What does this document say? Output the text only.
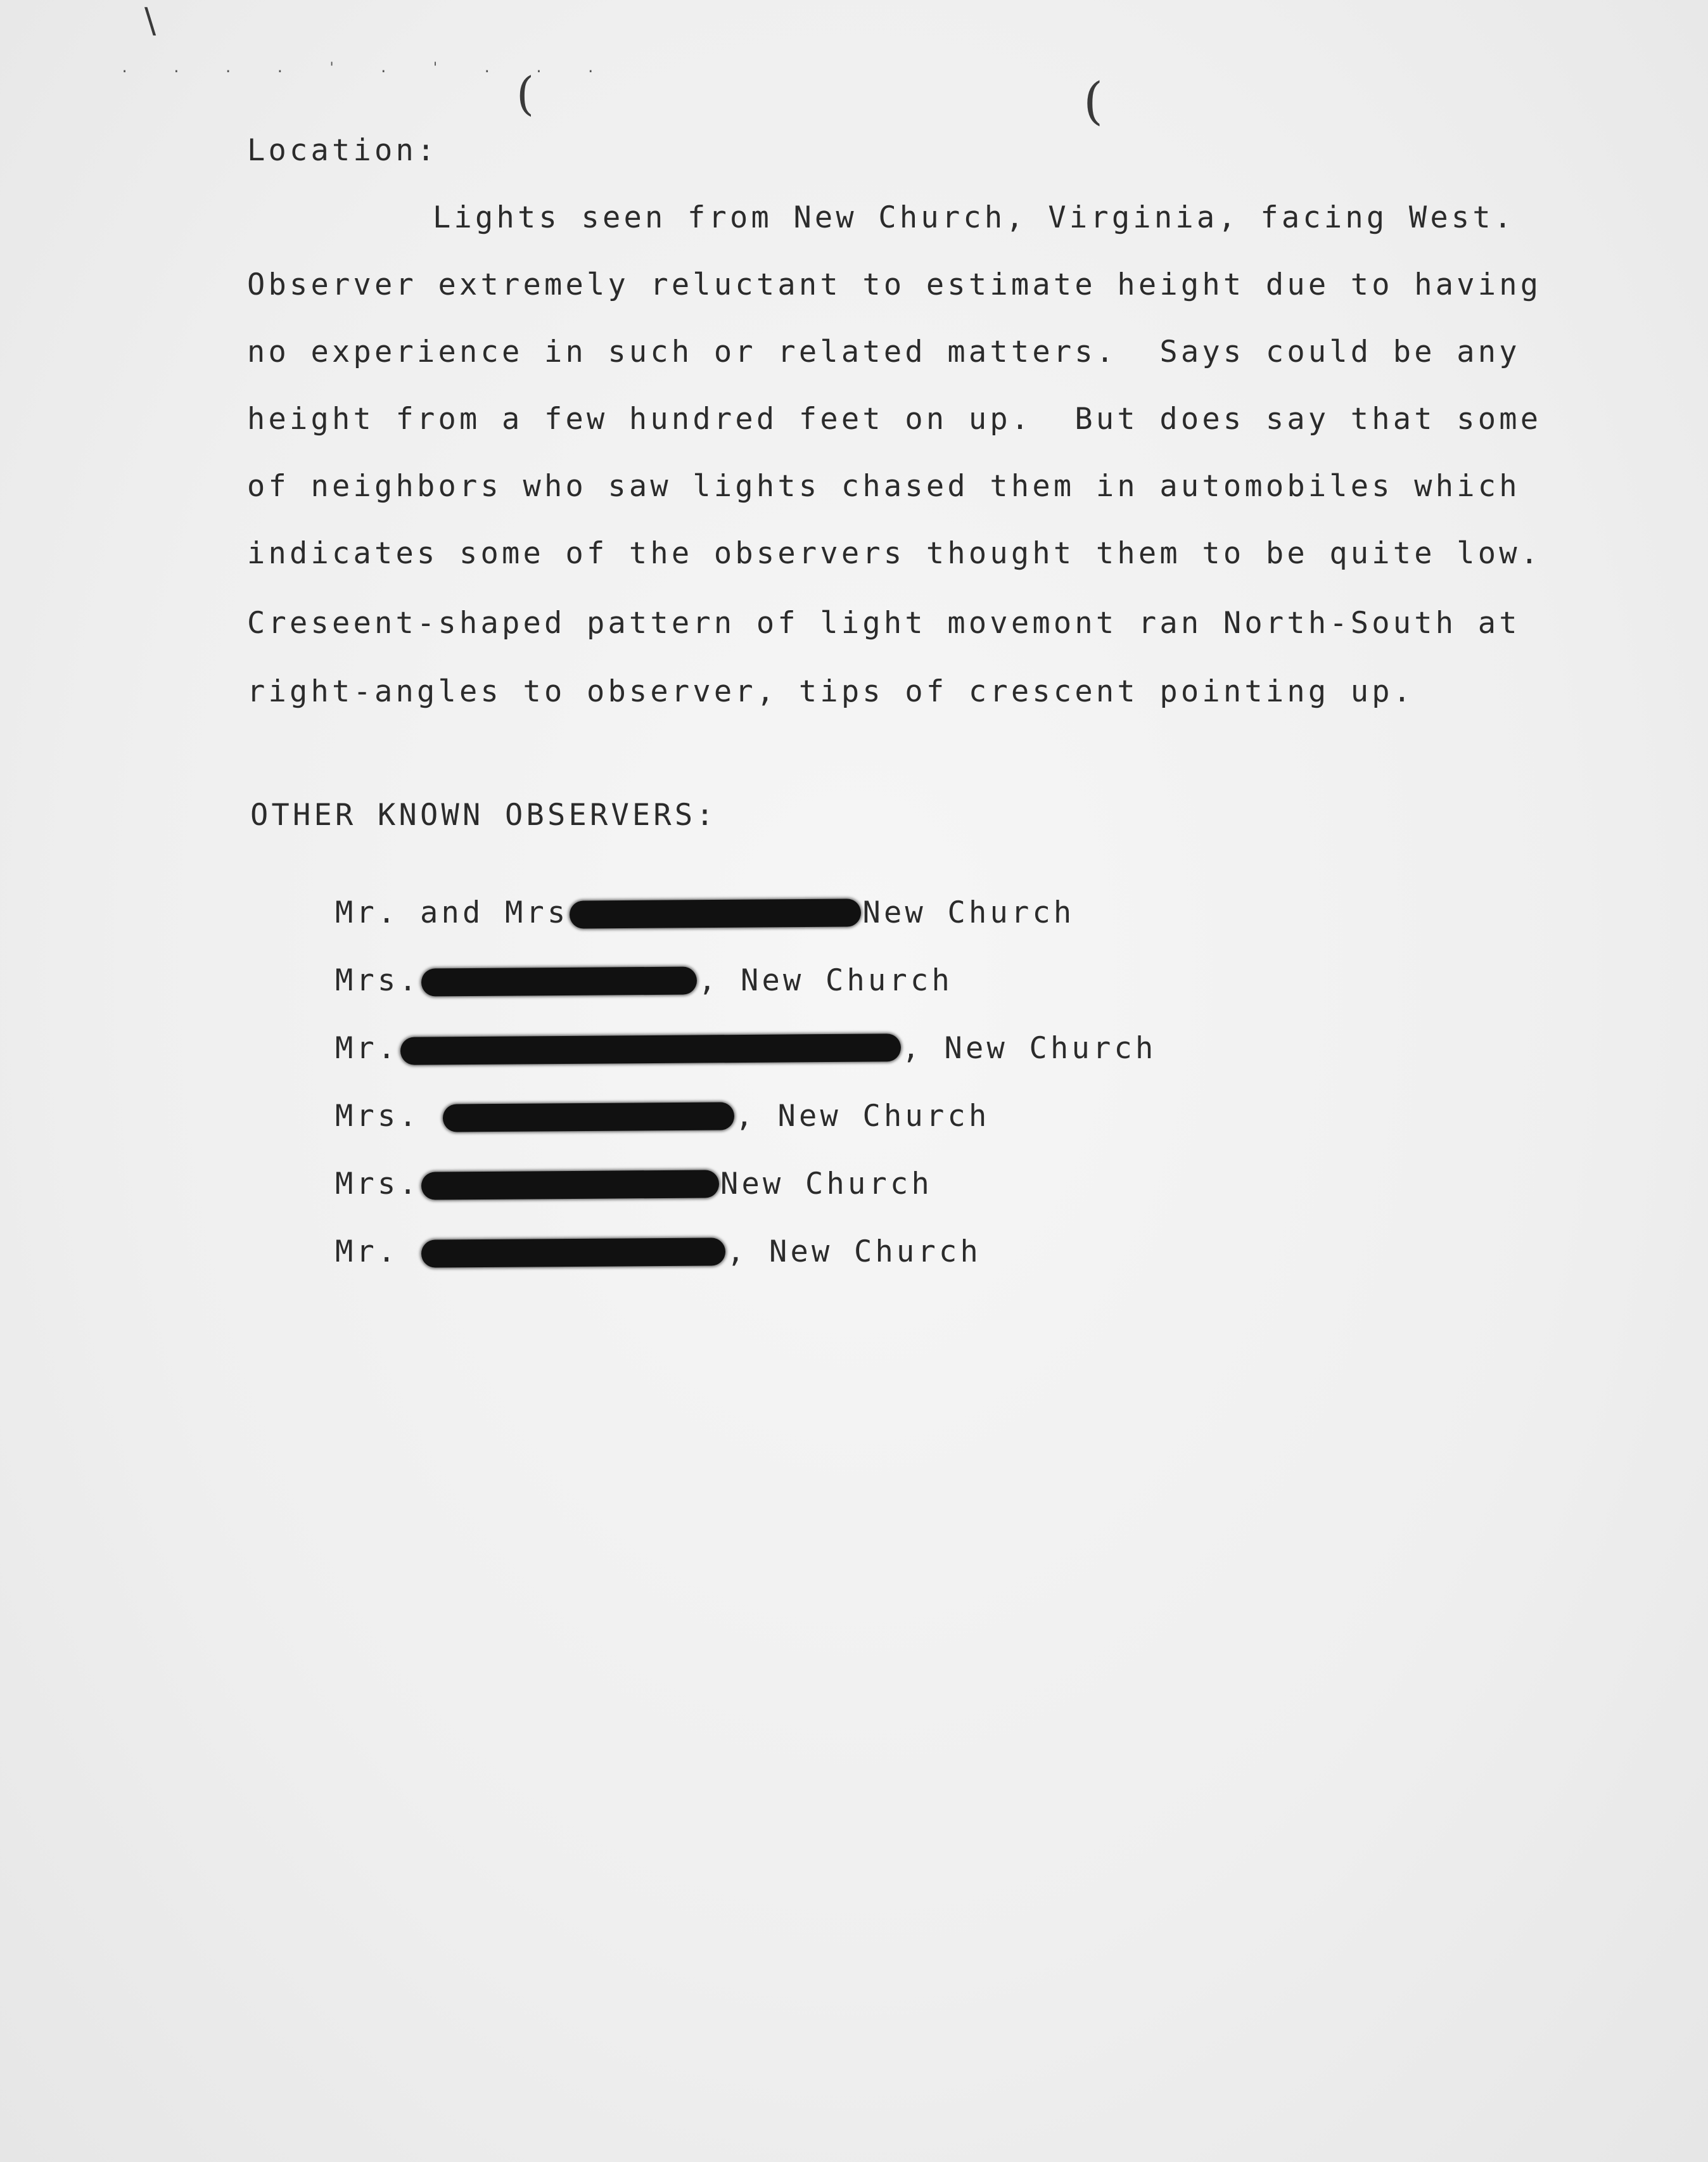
\
.  .  .  .  '  .  '  .  .  .
(	(
Location:
Lights seen from New Church, Virginia, facing West.
Observer extremely reluctant to estimate height due to having
no experience in such or related matters.  Says could be any
height from a few hundred feet on up.  But does say that some
of neighbors who saw lights chased them in automobiles which
indicates some of the observers thought them to be quite low.
Creseent-shaped pattern of light movemont ran North-South at
right-angles to observer, tips of crescent pointing up.
OTHER KNOWN OBSERVERS:

Mr. and Mrs	New Church

Mrs.	, New Church

Mr.	, New Church

Mrs.	, New Church

Mrs.	New Church

Mr.	, New Church
